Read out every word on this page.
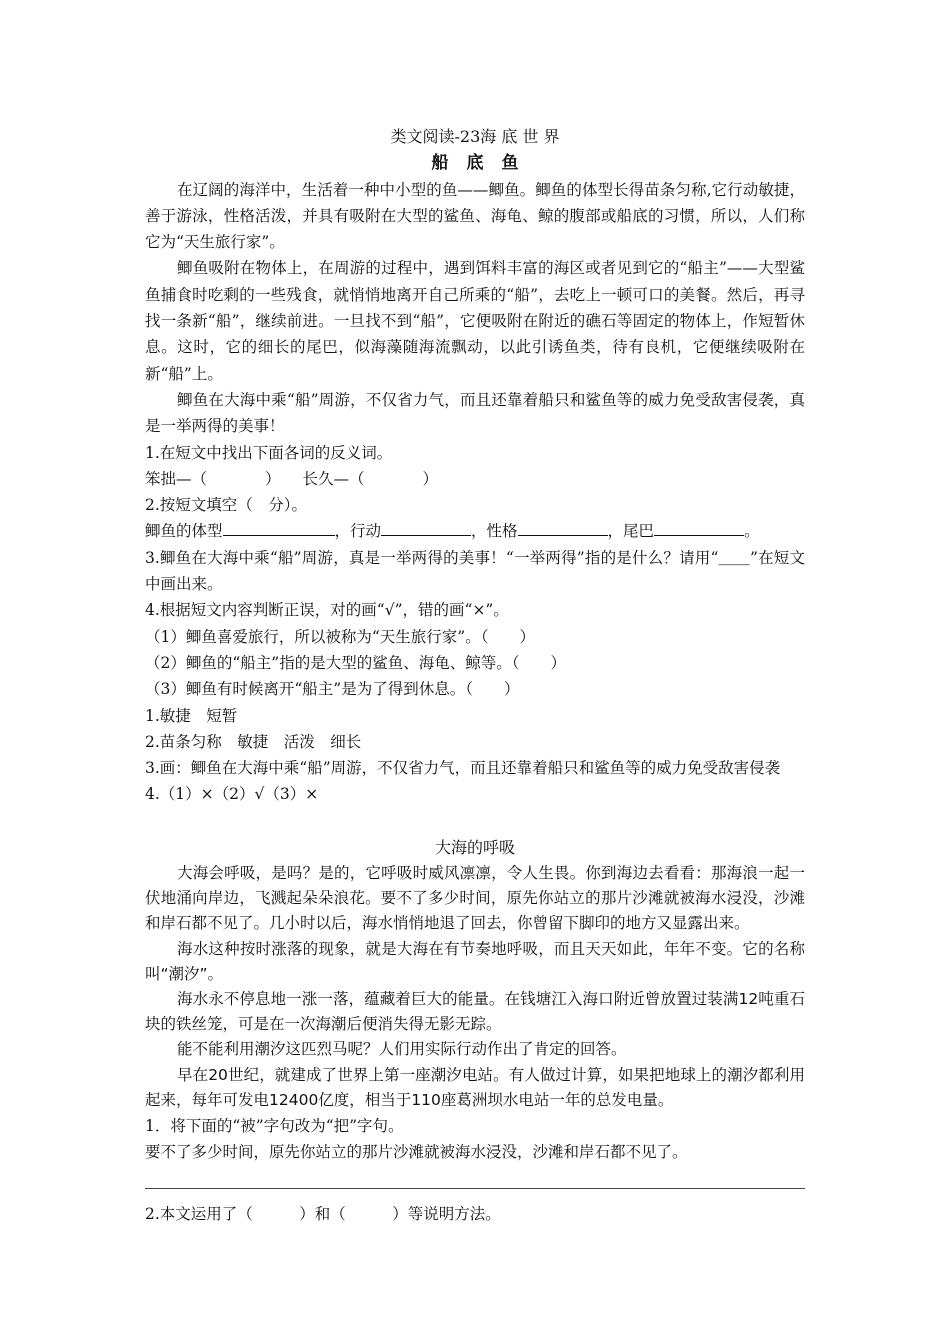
类文阅读-23海 底 世 界
船底鱼

在辽阔的海洋中，生活着一种中小型的鱼——鲫鱼。鲫鱼的体型长得苗条匀称,它行动敏捷，善于游泳，性格活泼，并具有吸附在大型的鲨鱼、海龟、鲸的腹部或船底的习惯，所以，人们称它为“天生旅行家”。

鲫鱼吸附在物体上，在周游的过程中，遇到饵料丰富的海区或者见到它的“船主”——大型鲨鱼捕食时吃剩的一些残食，就悄悄地离开自己所乘的“船”，去吃上一顿可口的美餐。然后，再寻找一条新“船”，继续前进。一旦找不到“船”，它便吸附在附近的礁石等固定的物体上，作短暂休息。这时，它的细长的尾巴，似海藻随海流飘动，以此引诱鱼类，待有良机，它便继续吸附在新“船”上。

鲫鱼在大海中乘“船”周游，不仅省力气，而且还靠着船只和鲨鱼等的威力免受敌害侵袭，真是一举两得的美事！

1.在短文中找出下面各词的反义词。
笨拙—（	） 长久—（	）
2.按短文填空（　分）。
鲫鱼的体型	，行动	，性格	，尾巴	。

3.鲫鱼在大海中乘“船”周游，真是一举两得的美事！“一举两得”指的是什么？请用“＿＿”在短文中画出来。

4.根据短文内容判断正误，对的画“√”，错的画“×”。
（1）鲫鱼喜爱旅行，所以被称为“天生旅行家”。（　　）
（2）鲫鱼的“船主”指的是大型的鲨鱼、海龟、鲸等。（　　）
（3）鲫鱼有时候离开“船主”是为了得到休息。（　　）
1.敏捷　短暂
2.苗条匀称　敏捷　活泼　细长

3.画：鲫鱼在大海中乘“船”周游，不仅省力气，而且还靠着船只和鲨鱼等的威力免受敌害侵袭

4.（1）×（2）√（3）×
大海的呼吸

大海会呼吸，是吗？是的，它呼吸时威风凛凛，令人生畏。你到海边去看看：那海浪一起一伏地涌向岸边，飞溅起朵朵浪花。要不了多少时间，原先你站立的那片沙滩就被海水浸没，沙滩和岸石都不见了。几小时以后，海水悄悄地退了回去，你曾留下脚印的地方又显露出来。

海水这种按时涨落的现象，就是大海在有节奏地呼吸，而且天天如此，年年不变。它的名称叫“潮汐”。

海水永不停息地一涨一落，蕴藏着巨大的能量。在钱塘江入海口附近曾放置过装满12吨重石块的铁丝笼，可是在一次海潮后便消失得无影无踪。

能不能利用潮汐这匹烈马呢？人们用实际行动作出了肯定的回答。

早在20世纪，就建成了世界上第一座潮汐电站。有人做过计算，如果把地球上的潮汐都利用起来，每年可发电12400亿度，相当于110座葛洲坝水电站一年的总发电量。

1．将下面的“被”字句改为“把”字句。
要不了多少时间，原先你站立的那片沙滩就被海水浸没，沙滩和岸石都不见了。
2.本文运用了（　　　）和（　　　）等说明方法。
